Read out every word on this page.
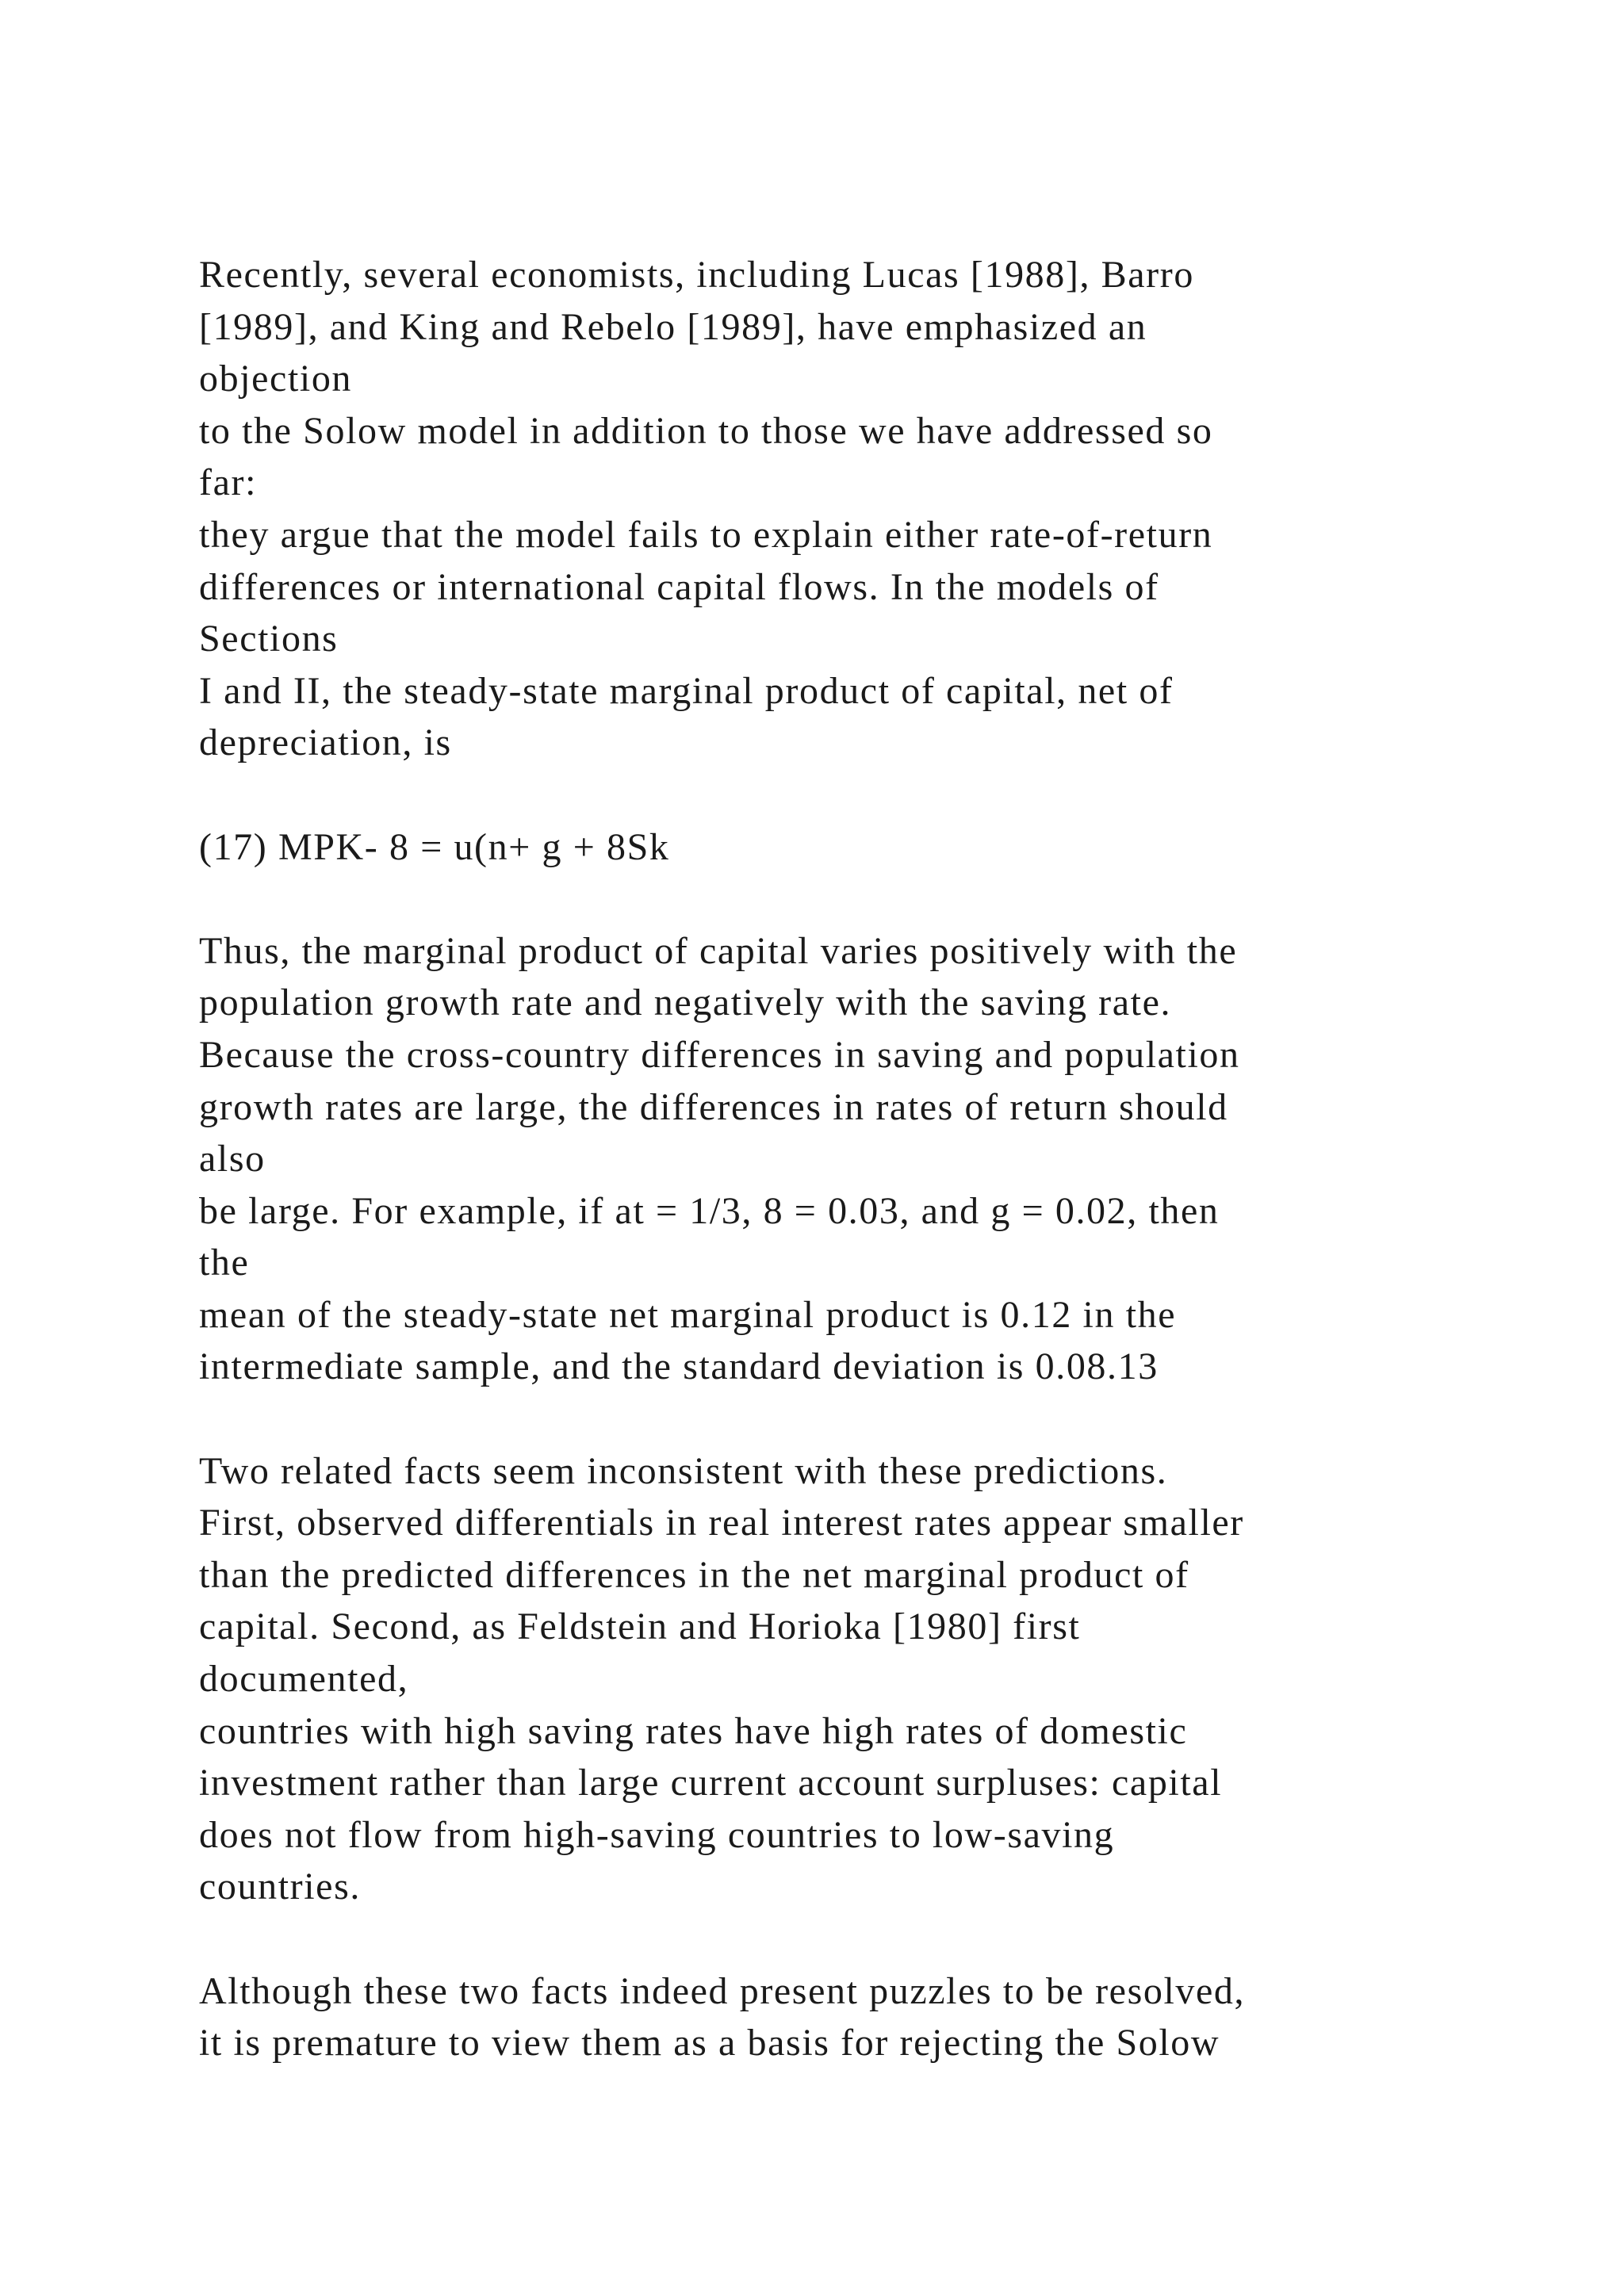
Recently, several economists, including Lucas [1988], Barro
[1989], and King and Rebelo [1989], have emphasized an
objection
to the Solow model in addition to those we have addressed so
far:
they argue that the model fails to explain either rate-of-return
differences or international capital flows. In the models of
Sections
I and II, the steady-state marginal product of capital, net of
depreciation, is
(17) MPK- 8 = u(n+ g + 8Sk
Thus, the marginal product of capital varies positively with the
population growth rate and negatively with the saving rate.
Because the cross-country differences in saving and population
growth rates are large, the differences in rates of return should
also
be large. For example, if at = 1/3, 8 = 0.03, and g = 0.02, then
the
mean of the steady-state net marginal product is 0.12 in the
intermediate sample, and the standard deviation is 0.08.13
Two related facts seem inconsistent with these predictions.
First, observed differentials in real interest rates appear smaller
than the predicted differences in the net marginal product of
capital. Second, as Feldstein and Horioka [1980] first
documented,
countries with high saving rates have high rates of domestic
investment rather than large current account surpluses: capital
does not flow from high-saving countries to low-saving
countries.
Although these two facts indeed present puzzles to be resolved,
it is premature to view them as a basis for rejecting the Solow
